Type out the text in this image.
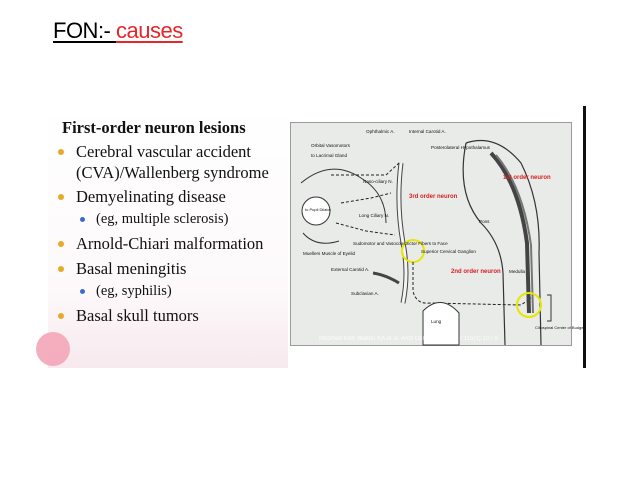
FON:- causes
First-order neuron lesions
Cerebral vascular accident (CVA)/Wallenberg syndrome
Demyelinating disease
(eg, multiple sclerosis)
Arnold-Chiari malformation
Basal meningitis
(eg, syphilis)
Basal skull tumors
Orbital Vasomotors
to Lacrimal Gland
Ophthalmic A.	Internal Carotid A.
Posterolateral Hypothalamus
Naso-ciliary N.
to Pupil Dilator
Long Ciliary N.
Muellers Muscle of Eyelid
Sudomotor and Vasoconstrictor Fibers to Face
External Carotid A.
Superior Cervical Ganglion
Subclavian A.
Lung
Pons
Medulla
Ciliospinal Center of Budge
3rd order neuron
2nd order neuron
1st order neuron
Modified from Walton KA et al. Arch Ophthalmol. 1997;115(1):107-9.
